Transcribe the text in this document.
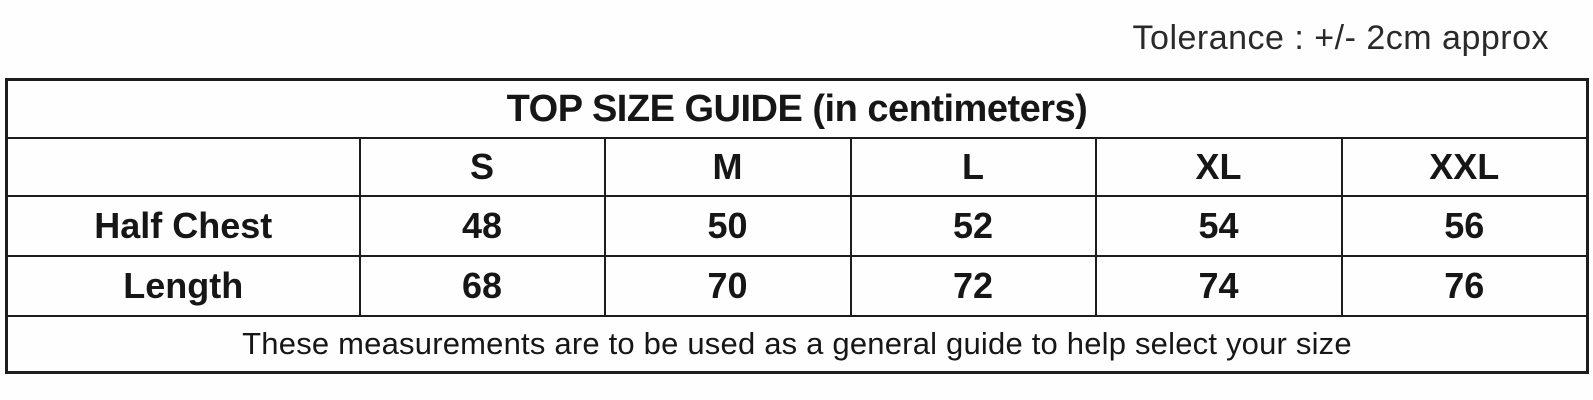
Tolerance : +/- 2cm approx
TOP SIZE GUIDE (in centimeters)					
	S	M	L	XL	XXL
Half Chest	48	50	52	54	56
Length	68	70	72	74	76
These measurements are to be used as a general guide to help select your size					
